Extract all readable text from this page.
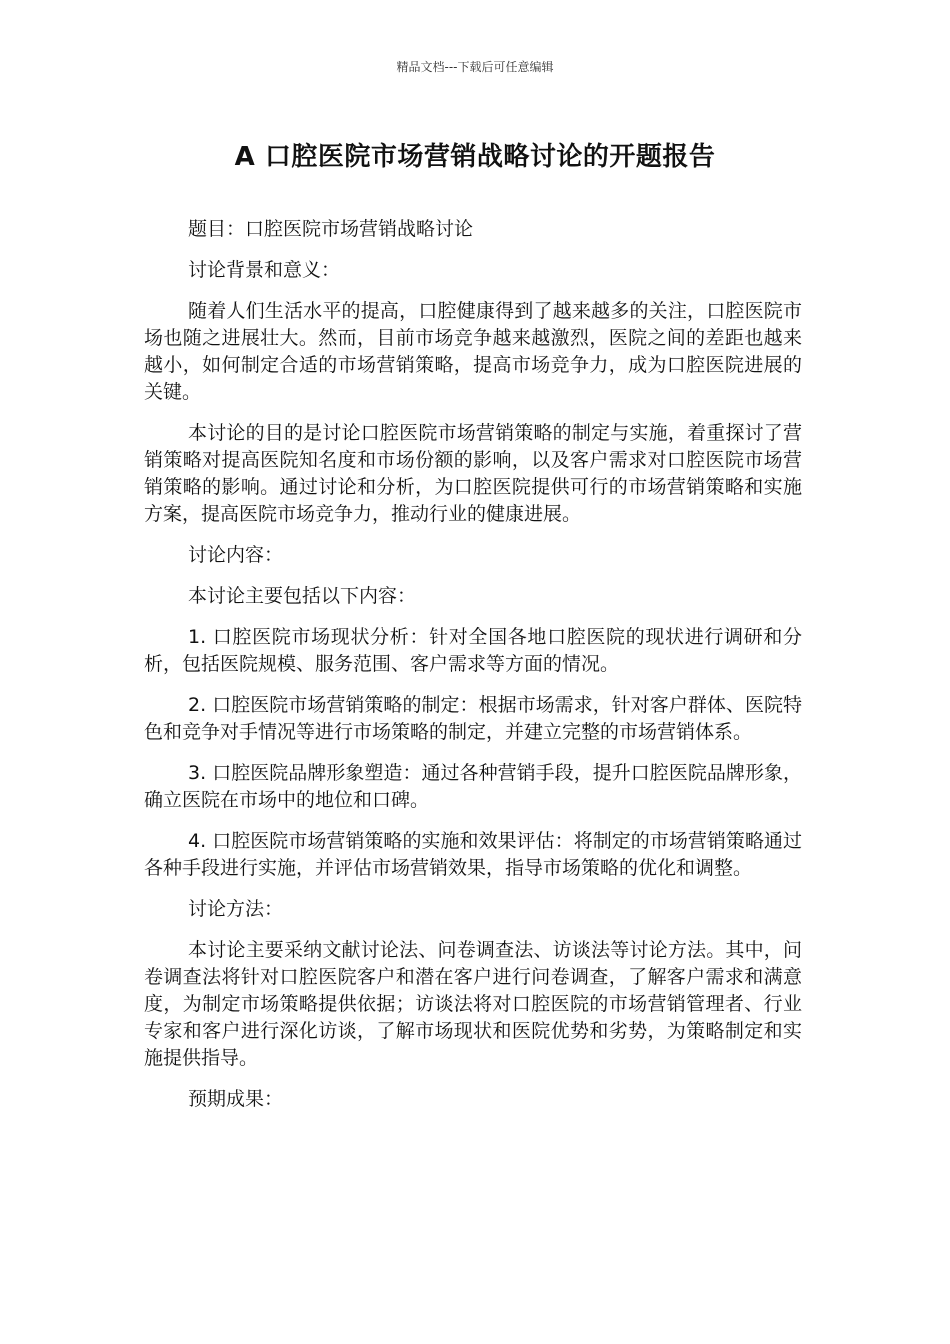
精品文档---下载后可任意编辑
A 口腔医院市场营销战略讨论的开题报告

题目：口腔医院市场营销战略讨论

讨论背景和意义：

随着人们生活水平的提高，口腔健康得到了越来越多的关注，口腔医院市场也随之进展壮大。然而，目前市场竞争越来越激烈，医院之间的差距也越来越小，如何制定合适的市场营销策略，提高市场竞争力，成为口腔医院进展的关键。

本讨论的目的是讨论口腔医院市场营销策略的制定与实施，着重探讨了营销策略对提高医院知名度和市场份额的影响，以及客户需求对口腔医院市场营销策略的影响。通过讨论和分析，为口腔医院提供可行的市场营销策略和实施方案，提高医院市场竞争力，推动行业的健康进展。

讨论内容：

本讨论主要包括以下内容：

1. 口腔医院市场现状分析：针对全国各地口腔医院的现状进行调研和分析，包括医院规模、服务范围、客户需求等方面的情况。

2. 口腔医院市场营销策略的制定：根据市场需求，针对客户群体、医院特色和竞争对手情况等进行市场策略的制定，并建立完整的市场营销体系。

3. 口腔医院品牌形象塑造：通过各种营销手段，提升口腔医院品牌形象，确立医院在市场中的地位和口碑。

4. 口腔医院市场营销策略的实施和效果评估：将制定的市场营销策略通过各种手段进行实施，并评估市场营销效果，指导市场策略的优化和调整。

讨论方法：

本讨论主要采纳文献讨论法、问卷调查法、访谈法等讨论方法。其中，问卷调查法将针对口腔医院客户和潜在客户进行问卷调查，了解客户需求和满意度，为制定市场策略提供依据；访谈法将对口腔医院的市场营销管理者、行业专家和客户进行深化访谈，了解市场现状和医院优势和劣势，为策略制定和实施提供指导。

预期成果：
